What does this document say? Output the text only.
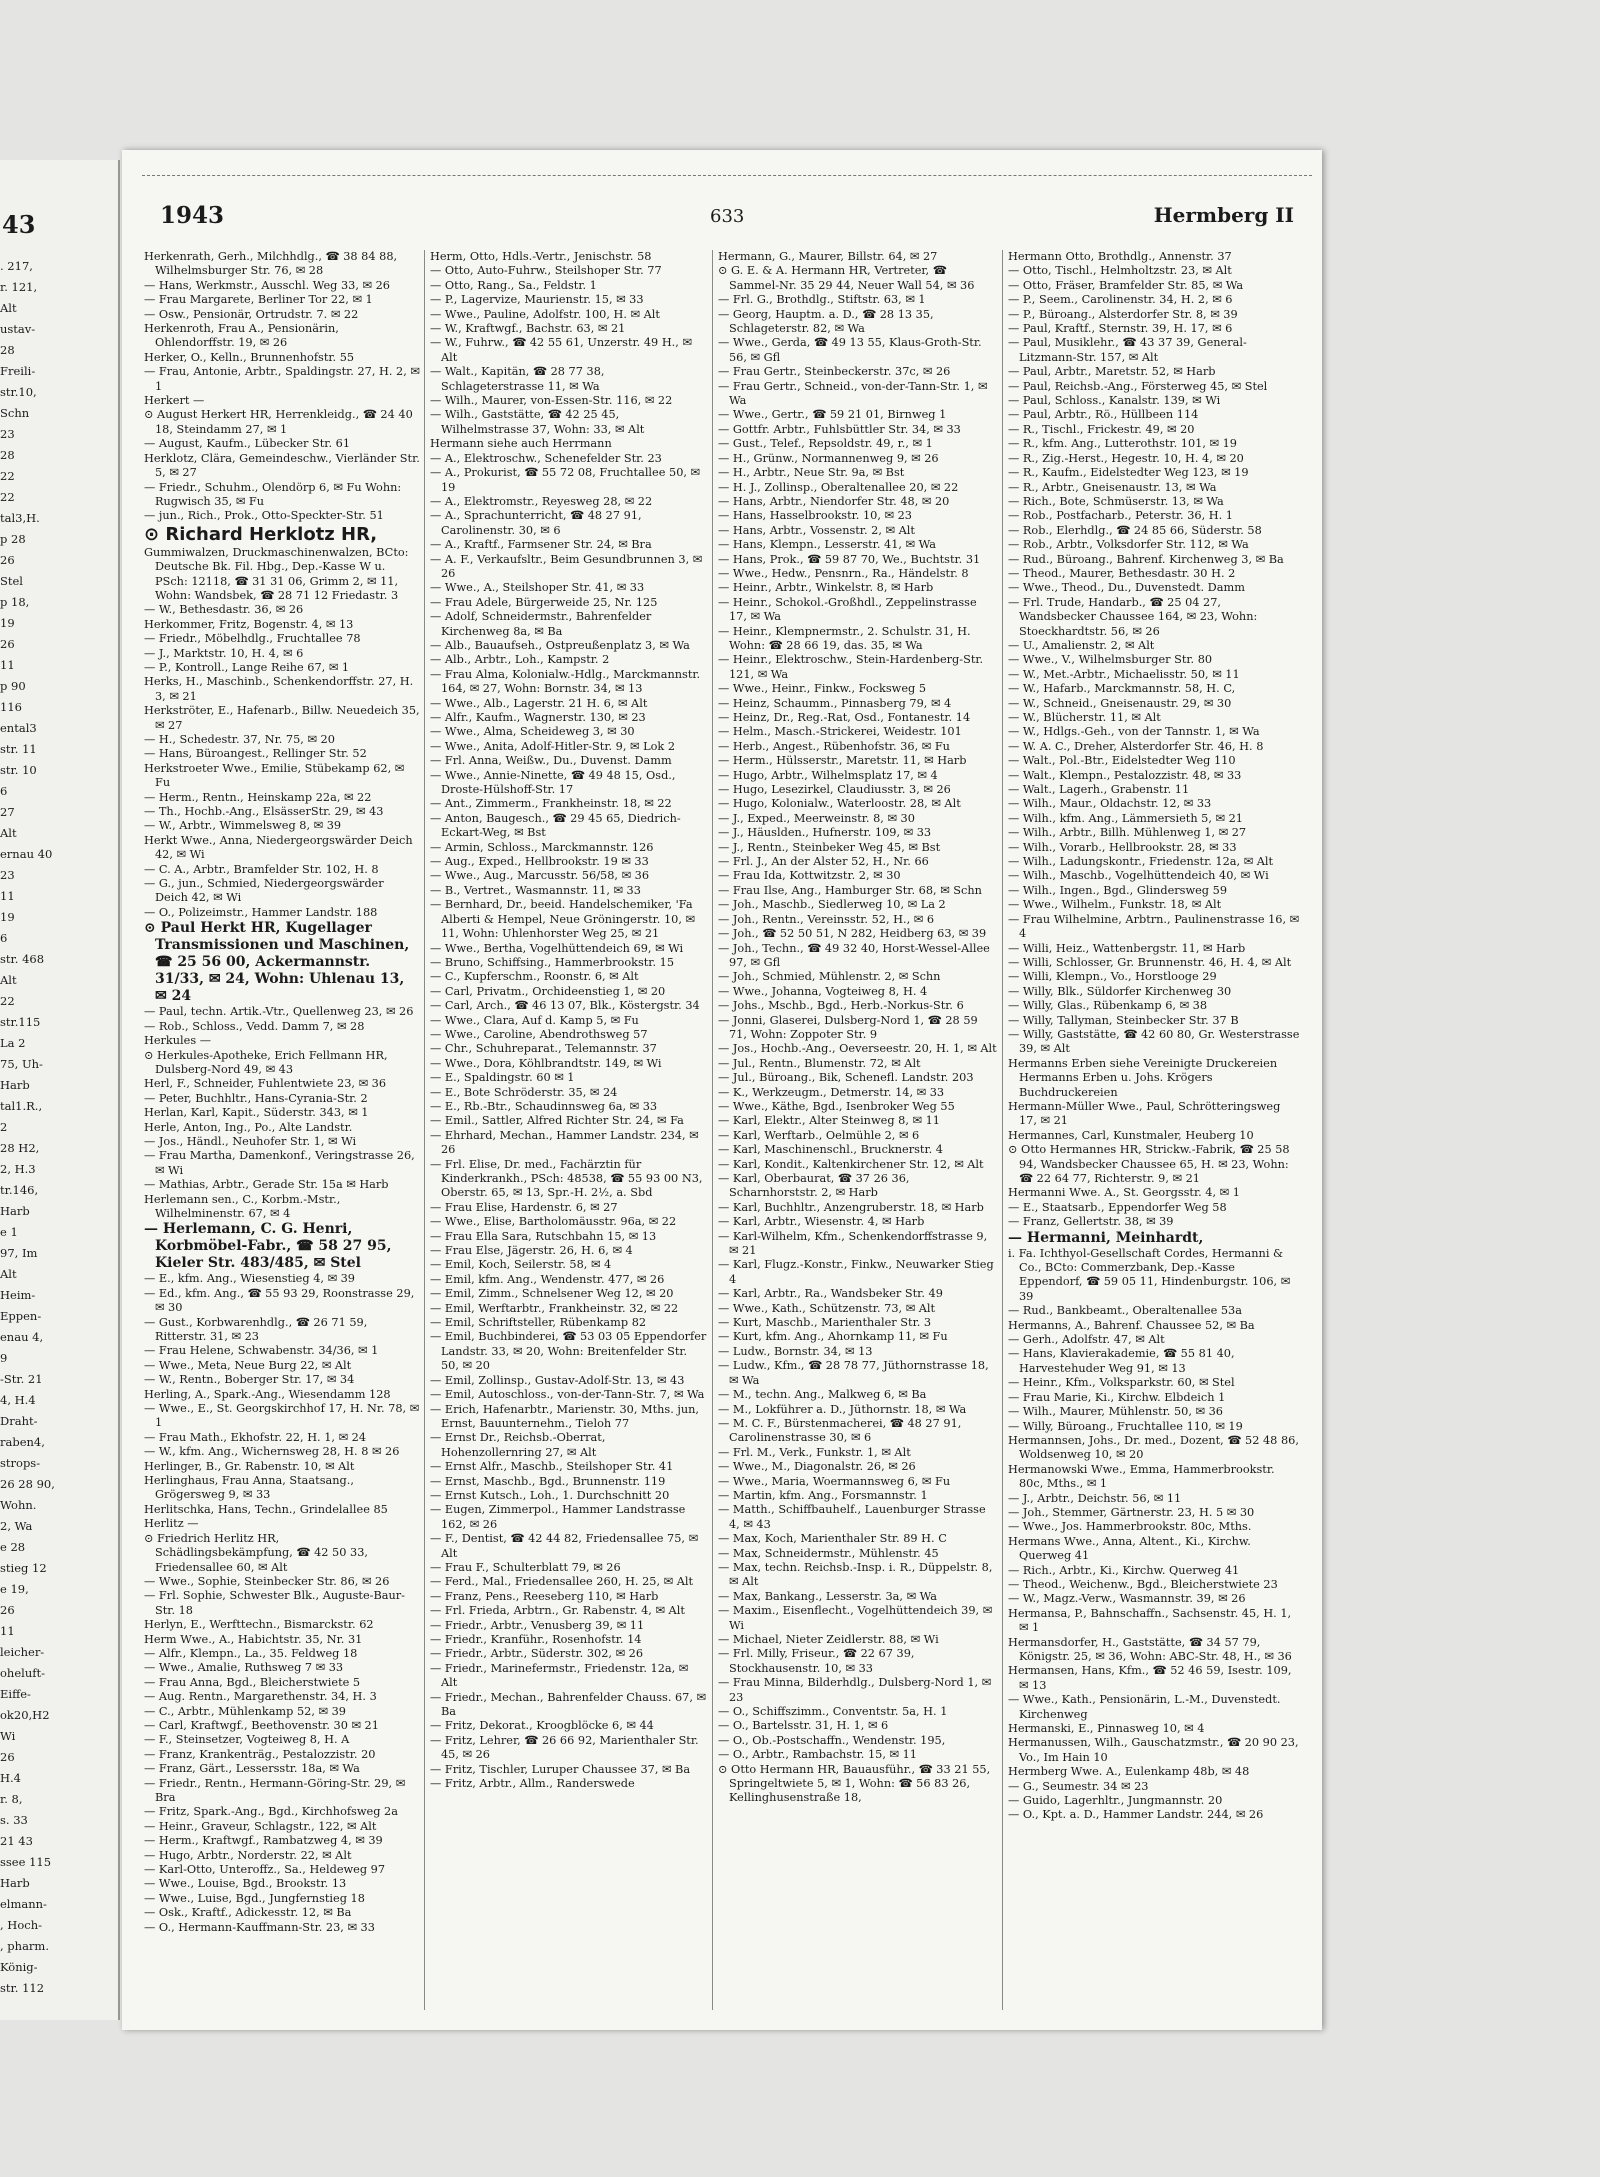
43
. 217,
r. 121,
Alt
ustav-
28
Freili-
str.10,
Schn
23
28
22
22
tal3,H.
p 28
26
Stel
p 18,
19
26
11
p 90
116
ental3
str. 11
str. 10
6
27
Alt
ernau 40
23
11
19
6
str. 468
Alt
22
str.115
La 2
75, Uh-
Harb
tal1.R.,
2
28 H2,
2, H.3
tr.146,
Harb
e 1
97, Im
Alt
Heim-
Eppen-
enau 4,
9
-Str. 21
4, H.4
Draht-
raben4,
strops-
26 28 90,
Wohn.
2, Wa
e 28
stieg 12
e 19,
26
11
leicher-
oheluft-
Eiffe-
ok20,H2
Wi
26
H.4
r. 8,
s. 33
21 43
ssee 115
Harb
elmann-
, Hoch-
, pharm.
König-
str. 112
1943	633	Hermberg II
Herkenrath, Gerh., Milchhdlg., ☎ 38 84 88, Wilhelmsburger Str. 76, ✉ 28
— Hans, Werkmstr., Ausschl. Weg 33, ✉ 26
— Frau Margarete, Berliner Tor 22, ✉ 1
— Osw., Pensionär, Ortrudstr. 7. ✉ 22
Herkenroth, Frau A., Pensionärin, Ohlendorffstr. 19, ✉ 26
Herker, O., Kelln., Brunnenhofstr. 55
— Frau, Antonie, Arbtr., Spaldingstr. 27, H. 2, ✉ 1
Herkert —
⊙ August Herkert HR, Herrenkleidg., ☎ 24 40 18, Steindamm 27, ✉ 1
— August, Kaufm., Lübecker Str. 61
Herklotz, Clära, Gemeindeschw., Vierländer Str. 5, ✉ 27
— Friedr., Schuhm., Olendörp 6, ✉ Fu Wohn: Rugwisch 35, ✉ Fu
— jun., Rich., Prok., Otto-Speckter-Str. 51
⊙ Richard Herklotz HR,
Gummiwalzen, Druckmaschinenwalzen, BCto: Deutsche Bk. Fil. Hbg., Dep.-Kasse W u. PSch: 12118, ☎ 31 31 06, Grimm 2, ✉ 11, Wohn: Wandsbek, ☎ 28 71 12 Friedastr. 3
— W., Bethesdastr. 36, ✉ 26
Herkommer, Fritz, Bogenstr. 4, ✉ 13
— Friedr., Möbelhdlg., Fruchtallee 78
— J., Marktstr. 10, H. 4, ✉ 6
— P., Kontroll., Lange Reihe 67, ✉ 1
Herks, H., Maschinb., Schenkendorffstr. 27, H. 3, ✉ 21
Herkströter, E., Hafenarb., Billw. Neuedeich 35, ✉ 27
— H., Schedestr. 37, Nr. 75, ✉ 20
— Hans, Büroangest., Rellinger Str. 52
Herkstroeter Wwe., Emilie, Stübekamp 62, ✉ Fu
— Herm., Rentn., Heinskamp 22a, ✉ 22
— Th., Hochb.-Ang., ElsässerStr. 29, ✉ 43
— W., Arbtr., Wimmelsweg 8, ✉ 39
Herkt Wwe., Anna, Niedergeorgswärder Deich 42, ✉ Wi
— C. A., Arbtr., Bramfelder Str. 102, H. 8
— G., jun., Schmied, Niedergeorgswärder Deich 42, ✉ Wi
— O., Polizeimstr., Hammer Landstr. 188
⊙ Paul Herkt HR, Kugellager Transmissionen und Maschinen, ☎ 25 56 00, Ackermannstr. 31/33, ✉ 24, Wohn: Uhlenau 13, ✉ 24
— Paul, techn. Artik.-Vtr., Quellenweg 23, ✉ 26
— Rob., Schloss., Vedd. Damm 7, ✉ 28
Herkules —
⊙ Herkules-Apotheke, Erich Fellmann HR, Dulsberg-Nord 49, ✉ 43
Herl, F., Schneider, Fuhlentwiete 23, ✉ 36
— Peter, Buchhltr., Hans-Cyrania-Str. 2
Herlan, Karl, Kapit., Süderstr. 343, ✉ 1
Herle, Anton, Ing., Po., Alte Landstr.
— Jos., Händl., Neuhofer Str. 1, ✉ Wi
— Frau Martha, Damenkonf., Veringstrasse 26, ✉ Wi
— Mathias, Arbtr., Gerade Str. 15a ✉ Harb
Herlemann sen., C., Korbm.-Mstr., Wilhelminenstr. 67, ✉ 4
— Herlemann, C. G. Henri, Korbmöbel-Fabr., ☎ 58 27 95, Kieler Str. 483/485, ✉ Stel
— E., kfm. Ang., Wiesenstieg 4, ✉ 39
— Ed., kfm. Ang., ☎ 55 93 29, Roonstrasse 29, ✉ 30
— Gust., Korbwarenhdlg., ☎ 26 71 59, Ritterstr. 31, ✉ 23
— Frau Helene, Schwabenstr. 34/36, ✉ 1
— Wwe., Meta, Neue Burg 22, ✉ Alt
— W., Rentn., Boberger Str. 17, ✉ 34
Herling, A., Spark.-Ang., Wiesendamm 128
— Wwe., E., St. Georgskirchhof 17, H. Nr. 78, ✉ 1
— Frau Math., Ekhofstr. 22, H. 1, ✉ 24
— W., kfm. Ang., Wichernsweg 28, H. 8 ✉ 26
Herlinger, B., Gr. Rabenstr. 10, ✉ Alt
Herlinghaus, Frau Anna, Staatsang., Grögersweg 9, ✉ 33
Herlitschka, Hans, Techn., Grindelallee 85
Herlitz —
⊙ Friedrich Herlitz HR, Schädlingsbekämpfung, ☎ 42 50 33, Friedensallee 60, ✉ Alt
— Wwe., Sophie, Steinbecker Str. 86, ✉ 26
— Frl. Sophie, Schwester Blk., Auguste-Baur-Str. 18
Herlyn, E., Werfttechn., Bismarckstr. 62
Herm Wwe., A., Habichtstr. 35, Nr. 31
— Alfr., Klempn., La., 35. Feldweg 18
— Wwe., Amalie, Ruthsweg 7 ✉ 33
— Frau Anna, Bgd., Bleicherstwiete 5
— Aug. Rentn., Margarethenstr. 34, H. 3
— C., Arbtr., Mühlenkamp 52, ✉ 39
— Carl, Kraftwgf., Beethovenstr. 30 ✉ 21
— F., Steinsetzer, Vogteiweg 8, H. A
— Franz, Krankenträg., Pestalozzistr. 20
— Franz, Gärt., Lessersstr. 18a, ✉ Wa
— Friedr., Rentn., Hermann-Göring-Str. 29, ✉ Bra
— Fritz, Spark.-Ang., Bgd., Kirchhofsweg 2a
— Heinr., Graveur, Schlagstr., 122, ✉ Alt
— Herm., Kraftwgf., Rambatzweg 4, ✉ 39
— Hugo, Arbtr., Norderstr. 22, ✉ Alt
— Karl-Otto, Unteroffz., Sa., Heldeweg 97
— Wwe., Louise, Bgd., Brookstr. 13
— Wwe., Luise, Bgd., Jungfernstieg 18
— Osk., Kraftf., Adickesstr. 12, ✉ Ba
— O., Hermann-Kauffmann-Str. 23, ✉ 33
Herm, Otto, Hdls.-Vertr., Jenischstr. 58
— Otto, Auto-Fuhrw., Steilshoper Str. 77
— Otto, Rang., Sa., Feldstr. 1
— P., Lagervize, Maurienstr. 15, ✉ 33
— Wwe., Pauline, Adolfstr. 100, H. ✉ Alt
— W., Kraftwgf., Bachstr. 63, ✉ 21
— W., Fuhrw., ☎ 42 55 61, Unzerstr. 49 H., ✉ Alt
— Walt., Kapitän, ☎ 28 77 38, Schlageterstrasse 11, ✉ Wa
— Wilh., Maurer, von-Essen-Str. 116, ✉ 22
— Wilh., Gaststätte, ☎ 42 25 45, Wilhelmstrasse 37, Wohn: 33, ✉ Alt
Hermann siehe auch Herrmann
— A., Elektroschw., Schenefelder Str. 23
— A., Prokurist, ☎ 55 72 08, Fruchtallee 50, ✉ 19
— A., Elektromstr., Reyesweg 28, ✉ 22
— A., Sprachunterricht, ☎ 48 27 91, Carolinenstr. 30, ✉ 6
— A., Kraftf., Farmsener Str. 24, ✉ Bra
— A. F., Verkaufsltr., Beim Gesundbrunnen 3, ✉ 26
— Wwe., A., Steilshoper Str. 41, ✉ 33
— Frau Adele, Bürgerweide 25, Nr. 125
— Adolf, Schneidermstr., Bahrenfelder Kirchenweg 8a, ✉ Ba
— Alb., Bauaufseh., Ostpreußenplatz 3, ✉ Wa
— Alb., Arbtr., Loh., Kampstr. 2
— Frau Alma, Kolonialw.-Hdlg., Marckmannstr. 164, ✉ 27, Wohn: Bornstr. 34, ✉ 13
— Wwe., Alb., Lagerstr. 21 H. 6, ✉ Alt
— Alfr., Kaufm., Wagnerstr. 130, ✉ 23
— Wwe., Alma, Scheideweg 3, ✉ 30
— Wwe., Anita, Adolf-Hitler-Str. 9, ✉ Lok 2
— Frl. Anna, Weißw., Du., Duvenst. Damm
— Wwe., Annie-Ninette, ☎ 49 48 15, Osd., Droste-Hülshoff-Str. 17
— Ant., Zimmerm., Frankheinstr. 18, ✉ 22
— Anton, Baugesch., ☎ 29 45 65, Diedrich-Eckart-Weg, ✉ Bst
— Armin, Schloss., Marckmannstr. 126
— Aug., Exped., Hellbrookstr. 19 ✉ 33
— Wwe., Aug., Marcusstr. 56/58, ✉ 36
— B., Vertret., Wasmannstr. 11, ✉ 33
— Bernhard, Dr., beeid. Handelschemiker, 'Fa Alberti & Hempel, Neue Gröningerstr. 10, ✉ 11, Wohn: Uhlenhorster Weg 25, ✉ 21
— Wwe., Bertha, Vogelhüttendeich 69, ✉ Wi
— Bruno, Schiffsing., Hammerbrookstr. 15
— C., Kupferschm., Roonstr. 6, ✉ Alt
— Carl, Privatm., Orchideenstieg 1, ✉ 20
— Carl, Arch., ☎ 46 13 07, Blk., Köstergstr. 34
— Wwe., Clara, Auf d. Kamp 5, ✉ Fu
— Wwe., Caroline, Abendrothsweg 57
— Chr., Schuhreparat., Telemannstr. 37
— Wwe., Dora, Köhlbrandtstr. 149, ✉ Wi
— E., Spaldingstr. 60 ✉ 1
— E., Bote Schröderstr. 35, ✉ 24
— E., Rb.-Btr., Schaudinnsweg 6a, ✉ 33
— Emil., Sattler, Alfred Richter Str. 24, ✉ Fa
— Ehrhard, Mechan., Hammer Landstr. 234, ✉ 26
— Frl. Elise, Dr. med., Fachärztin für Kinderkrankh., PSch: 48538, ☎ 55 93 00 N3, Oberstr. 65, ✉ 13, Spr.-H. 2½, a. Sbd
— Frau Elise, Hardenstr. 6, ✉ 27
— Wwe., Elise, Bartholomäusstr. 96a, ✉ 22
— Frau Ella Sara, Rutschbahn 15, ✉ 13
— Frau Else, Jägerstr. 26, H. 6, ✉ 4
— Emil, Koch, Seilerstr. 58, ✉ 4
— Emil, kfm. Ang., Wendenstr. 477, ✉ 26
— Emil, Zimm., Schnelsener Weg 12, ✉ 20
— Emil, Werftarbtr., Frankheinstr. 32, ✉ 22
— Emil, Schriftsteller, Rübenkamp 82
— Emil, Buchbinderei, ☎ 53 03 05 Eppendorfer Landstr. 33, ✉ 20, Wohn: Breitenfelder Str. 50, ✉ 20
— Emil, Zollinsp., Gustav-Adolf-Str. 13, ✉ 43
— Emil, Autoschloss., von-der-Tann-Str. 7, ✉ Wa
— Erich, Hafenarbtr., Marienstr. 30, Mths. jun, Ernst, Bauunternehm., Tieloh 77
— Ernst Dr., Reichsb.-Oberrat, Hohenzollernring 27, ✉ Alt
— Ernst Alfr., Maschb., Steilshoper Str. 41
— Ernst, Maschb., Bgd., Brunnenstr. 119
— Ernst Kutsch., Loh., 1. Durchschnitt 20
— Eugen, Zimmerpol., Hammer Landstrasse 162, ✉ 26
— F., Dentist, ☎ 42 44 82, Friedensallee 75, ✉ Alt
— Frau F., Schulterblatt 79, ✉ 26
— Ferd., Mal., Friedensallee 260, H. 25, ✉ Alt
— Franz, Pens., Reeseberg 110, ✉ Harb
— Frl. Frieda, Arbtrn., Gr. Rabenstr. 4, ✉ Alt
— Friedr., Arbtr., Venusberg 39, ✉ 11
— Friedr., Kranführ., Rosenhofstr. 14
— Friedr., Arbtr., Süderstr. 302, ✉ 26
— Friedr., Marinefermstr., Friedenstr. 12a, ✉ Alt
— Friedr., Mechan., Bahrenfelder Chauss. 67, ✉ Ba
— Fritz, Dekorat., Kroogblöcke 6, ✉ 44
— Fritz, Lehrer, ☎ 26 66 92, Marienthaler Str. 45, ✉ 26
— Fritz, Tischler, Luruper Chaussee 37, ✉ Ba
— Fritz, Arbtr., Allm., Randerswede
Hermann, G., Maurer, Billstr. 64, ✉ 27
⊙ G. E. & A. Hermann HR, Vertreter, ☎ Sammel-Nr. 35 29 44, Neuer Wall 54, ✉ 36
— Frl. G., Brothdlg., Stiftstr. 63, ✉ 1
— Georg, Hauptm. a. D., ☎ 28 13 35, Schlageterstr. 82, ✉ Wa
— Wwe., Gerda, ☎ 49 13 55, Klaus-Groth-Str. 56, ✉ Gfl
— Frau Gertr., Steinbeckerstr. 37c, ✉ 26
— Frau Gertr., Schneid., von-der-Tann-Str. 1, ✉ Wa
— Wwe., Gertr., ☎ 59 21 01, Birnweg 1
— Gottfr. Arbtr., Fuhlsbüttler Str. 34, ✉ 33
— Gust., Telef., Repsoldstr. 49, r., ✉ 1
— H., Grünw., Normannenweg 9, ✉ 26
— H., Arbtr., Neue Str. 9a, ✉ Bst
— H. J., Zollinsp., Oberaltenallee 20, ✉ 22
— Hans, Arbtr., Niendorfer Str. 48, ✉ 20
— Hans, Hasselbrookstr. 10, ✉ 23
— Hans, Arbtr., Vossenstr. 2, ✉ Alt
— Hans, Klempn., Lesserstr. 41, ✉ Wa
— Hans, Prok., ☎ 59 87 70, We., Buchtstr. 31
— Wwe., Hedw., Pensnrn., Ra., Händelstr. 8
— Heinr., Arbtr., Winkelstr. 8, ✉ Harb
— Heinr., Schokol.-Großhdl., Zeppelinstrasse 17, ✉ Wa
— Heinr., Klempnermstr., 2. Schulstr. 31, H. Wohn: ☎ 28 66 19, das. 35, ✉ Wa
— Heinr., Elektroschw., Stein-Hardenberg-Str. 121, ✉ Wa
— Wwe., Heinr., Finkw., Focksweg 5
— Heinz, Schaumm., Pinnasberg 79, ✉ 4
— Heinz, Dr., Reg.-Rat, Osd., Fontanestr. 14
— Helm., Masch.-Strickerei, Weidestr. 101
— Herb., Angest., Rübenhofstr. 36, ✉ Fu
— Herm., Hülsserstr., Maretstr. 11, ✉ Harb
— Hugo, Arbtr., Wilhelmsplatz 17, ✉ 4
— Hugo, Lesezirkel, Claudiusstr. 3, ✉ 26
— Hugo, Kolonialw., Waterloostr. 28, ✉ Alt
— J., Exped., Meerweinstr. 8, ✉ 30
— J., Häuslden., Hufnerstr. 109, ✉ 33
— J., Rentn., Steinbeker Weg 45, ✉ Bst
— Frl. J., An der Alster 52, H., Nr. 66
— Frau Ida, Kottwitzstr. 2, ✉ 30
— Frau Ilse, Ang., Hamburger Str. 68, ✉ Schn
— Joh., Maschb., Siedlerweg 10, ✉ La 2
— Joh., Rentn., Vereinsstr. 52, H., ✉ 6
— Joh., ☎ 52 50 51, N 282, Heidberg 63, ✉ 39
— Joh., Techn., ☎ 49 32 40, Horst-Wessel-Allee 97, ✉ Gfl
— Joh., Schmied, Mühlenstr. 2, ✉ Schn
— Wwe., Johanna, Vogteiweg 8, H. 4
— Johs., Mschb., Bgd., Herb.-Norkus-Str. 6
— Jonni, Glaserei, Dulsberg-Nord 1, ☎ 28 59 71, Wohn: Zoppoter Str. 9
— Jos., Hochb.-Ang., Oeverseestr. 20, H. 1, ✉ Alt
— Jul., Rentn., Blumenstr. 72, ✉ Alt
— Jul., Büroang., Bik, Schenefl. Landstr. 203
— K., Werkzeugm., Detmerstr. 14, ✉ 33
— Wwe., Käthe, Bgd., Isenbroker Weg 55
— Karl, Elektr., Alter Steinweg 8, ✉ 11
— Karl, Werftarb., Oelmühle 2, ✉ 6
— Karl, Maschinenschl., Brucknerstr. 4
— Karl, Kondit., Kaltenkirchener Str. 12, ✉ Alt
— Karl, Oberbaurat, ☎ 37 26 36, Scharnhorststr. 2, ✉ Harb
— Karl, Buchhltr., Anzengruberstr. 18, ✉ Harb
— Karl, Arbtr., Wiesenstr. 4, ✉ Harb
— Karl-Wilhelm, Kfm., Schenkendorffstrasse 9, ✉ 21
— Karl, Flugz.-Konstr., Finkw., Neuwarker Stieg 4
— Karl, Arbtr., Ra., Wandsbeker Str. 49
— Wwe., Kath., Schützenstr. 73, ✉ Alt
— Kurt, Maschb., Marienthaler Str. 3
— Kurt, kfm. Ang., Ahornkamp 11, ✉ Fu
— Ludw., Bornstr. 34, ✉ 13
— Ludw., Kfm., ☎ 28 78 77, Jüthornstrasse 18, ✉ Wa
— M., techn. Ang., Malkweg 6, ✉ Ba
— M., Lokführer a. D., Jüthornstr. 18, ✉ Wa
— M. C. F., Bürstenmacherei, ☎ 48 27 91, Carolinenstrasse 30, ✉ 6
— Frl. M., Verk., Funkstr. 1, ✉ Alt
— Wwe., M., Diagonalstr. 26, ✉ 26
— Wwe., Maria, Woermannsweg 6, ✉ Fu
— Martin, kfm. Ang., Forsmannstr. 1
— Matth., Schiffbauhelf., Lauenburger Strasse 4, ✉ 43
— Max, Koch, Marienthaler Str. 89 H. C
— Max, Schneidermstr., Mühlenstr. 45
— Max, techn. Reichsb.-Insp. i. R., Düppelstr. 8, ✉ Alt
— Max, Bankang., Lesserstr. 3a, ✉ Wa
— Maxim., Eisenflecht., Vogelhüttendeich 39, ✉ Wi
— Michael, Nieter Zeidlerstr. 88, ✉ Wi
— Frl. Milly, Friseur., ☎ 22 67 39, Stockhausenstr. 10, ✉ 33
— Frau Minna, Bilderhdlg., Dulsberg-Nord 1, ✉ 23
— O., Schiffszimm., Conventstr. 5a, H. 1
— O., Bartelsstr. 31, H. 1, ✉ 6
— O., Ob.-Postschaffn., Wendenstr. 195,
— O., Arbtr., Rambachstr. 15, ✉ 11
⊙ Otto Hermann HR, Bauausführ., ☎ 33 21 55, Springeltwiete 5, ✉ 1, Wohn: ☎ 56 83 26, Kellinghusenstraße 18,
Hermann Otto, Brothdlg., Annenstr. 37
— Otto, Tischl., Helmholtzstr. 23, ✉ Alt
— Otto, Fräser, Bramfelder Str. 85, ✉ Wa
— P., Seem., Carolinenstr. 34, H. 2, ✉ 6
— P., Büroang., Alsterdorfer Str. 8, ✉ 39
— Paul, Kraftf., Sternstr. 39, H. 17, ✉ 6
— Paul, Musiklehr., ☎ 43 37 39, General-Litzmann-Str. 157, ✉ Alt
— Paul, Arbtr., Maretstr. 52, ✉ Harb
— Paul, Reichsb.-Ang., Försterweg 45, ✉ Stel
— Paul, Schloss., Kanalstr. 139, ✉ Wi
— Paul, Arbtr., Rö., Hüllbeen 114
— R., Tischl., Frickestr. 49, ✉ 20
— R., kfm. Ang., Lutterothstr. 101, ✉ 19
— R., Zig.-Herst., Hegestr. 10, H. 4, ✉ 20
— R., Kaufm., Eidelstedter Weg 123, ✉ 19
— R., Arbtr., Gneisenaustr. 13, ✉ Wa
— Rich., Bote, Schmüserstr. 13, ✉ Wa
— Rob., Postfacharb., Peterstr. 36, H. 1
— Rob., Elerhdlg., ☎ 24 85 66, Süderstr. 58
— Rob., Arbtr., Volksdorfer Str. 112, ✉ Wa
— Rud., Büroang., Bahrenf. Kirchenweg 3, ✉ Ba
— Theod., Maurer, Bethesdastr. 30 H. 2
— Wwe., Theod., Du., Duvenstedt. Damm
— Frl. Trude, Handarb., ☎ 25 04 27, Wandsbecker Chaussee 164, ✉ 23, Wohn: Stoeckhardtstr. 56, ✉ 26
— U., Amalienstr. 2, ✉ Alt
— Wwe., V., Wilhelmsburger Str. 80
— W., Met.-Arbtr., Michaelisstr. 50, ✉ 11
— W., Hafarb., Marckmannstr. 58, H. C,
— W., Schneid., Gneisenaustr. 29, ✉ 30
— W., Blücherstr. 11, ✉ Alt
— W., Hdlgs.-Geh., von der Tannstr. 1, ✉ Wa
— W. A. C., Dreher, Alsterdorfer Str. 46, H. 8
— Walt., Pol.-Btr., Eidelstedter Weg 110
— Walt., Klempn., Pestalozzistr. 48, ✉ 33
— Walt., Lagerh., Grabenstr. 11
— Wilh., Maur., Oldachstr. 12, ✉ 33
— Wilh., kfm. Ang., Lämmersieth 5, ✉ 21
— Wilh., Arbtr., Billh. Mühlenweg 1, ✉ 27
— Wilh., Vorarb., Hellbrookstr. 28, ✉ 33
— Wilh., Ladungskontr., Friedenstr. 12a, ✉ Alt
— Wilh., Maschb., Vogelhüttendeich 40, ✉ Wi
— Wilh., Ingen., Bgd., Glindersweg 59
— Wwe., Wilhelm., Funkstr. 18, ✉ Alt
— Frau Wilhelmine, Arbtrn., Paulinenstrasse 16, ✉ 4
— Willi, Heiz., Wattenbergstr. 11, ✉ Harb
— Willi, Schlosser, Gr. Brunnenstr. 46, H. 4, ✉ Alt
— Willi, Klempn., Vo., Horstlooge 29
— Willy, Blk., Süldorfer Kirchenweg 30
— Willy, Glas., Rübenkamp 6, ✉ 38
— Willy, Tallyman, Steinbecker Str. 37 B
— Willy, Gaststätte, ☎ 42 60 80, Gr. Westerstrasse 39, ✉ Alt
Hermanns Erben siehe Vereinigte Druckereien Hermanns Erben u. Johs. Krögers Buchdruckereien
Hermann-Müller Wwe., Paul, Schrötteringsweg 17, ✉ 21
Hermannes, Carl, Kunstmaler, Heuberg 10
⊙ Otto Hermannes HR, Strickw.-Fabrik, ☎ 25 58 94, Wandsbecker Chaussee 65, H. ✉ 23, Wohn: ☎ 22 64 77, Richterstr. 9, ✉ 21
Hermanni Wwe. A., St. Georgsstr. 4, ✉ 1
— E., Staatsarb., Eppendorfer Weg 58
— Franz, Gellertstr. 38, ✉ 39
— Hermanni, Meinhardt,
i. Fa. Ichthyol-Gesellschaft Cordes, Hermanni & Co., BCto: Commerzbank, Dep.-Kasse Eppendorf, ☎ 59 05 11, Hindenburgstr. 106, ✉ 39
— Rud., Bankbeamt., Oberaltenallee 53a
Hermanns, A., Bahrenf. Chaussee 52, ✉ Ba
— Gerh., Adolfstr. 47, ✉ Alt
— Hans, Klavierakademie, ☎ 55 81 40, Harvestehuder Weg 91, ✉ 13
— Heinr., Kfm., Volksparkstr. 60, ✉ Stel
— Frau Marie, Ki., Kirchw. Elbdeich 1
— Wilh., Maurer, Mühlenstr. 50, ✉ 36
— Willy, Büroang., Fruchtallee 110, ✉ 19
Hermannsen, Johs., Dr. med., Dozent, ☎ 52 48 86, Woldsenweg 10, ✉ 20
Hermanowski Wwe., Emma, Hammerbrookstr. 80c, Mths., ✉ 1
— J., Arbtr., Deichstr. 56, ✉ 11
— Joh., Stemmer, Gärtnerstr. 23, H. 5 ✉ 30
— Wwe., Jos. Hammerbrookstr. 80c, Mths.
Hermans Wwe., Anna, Altent., Ki., Kirchw. Querweg 41
— Rich., Arbtr., Ki., Kirchw. Querweg 41
— Theod., Weichenw., Bgd., Bleicherstwiete 23
— W., Magz.-Verw., Wasmannstr. 39, ✉ 26
Hermansa, P., Bahnschaffn., Sachsenstr. 45, H. 1, ✉ 1
Hermansdorfer, H., Gaststätte, ☎ 34 57 79, Königstr. 25, ✉ 36, Wohn: ABC-Str. 48, H., ✉ 36
Hermansen, Hans, Kfm., ☎ 52 46 59, Isestr. 109, ✉ 13
— Wwe., Kath., Pensionärin, L.-M., Duvenstedt. Kirchenweg
Hermanski, E., Pinnasweg 10, ✉ 4
Hermanussen, Wilh., Gauschatzmstr., ☎ 20 90 23, Vo., Im Hain 10
Hermberg Wwe. A., Eulenkamp 48b, ✉ 48
— G., Seumestr. 34 ✉ 23
— Guido, Lagerhltr., Jungmannstr. 20
— O., Kpt. a. D., Hammer Landstr. 244, ✉ 26
